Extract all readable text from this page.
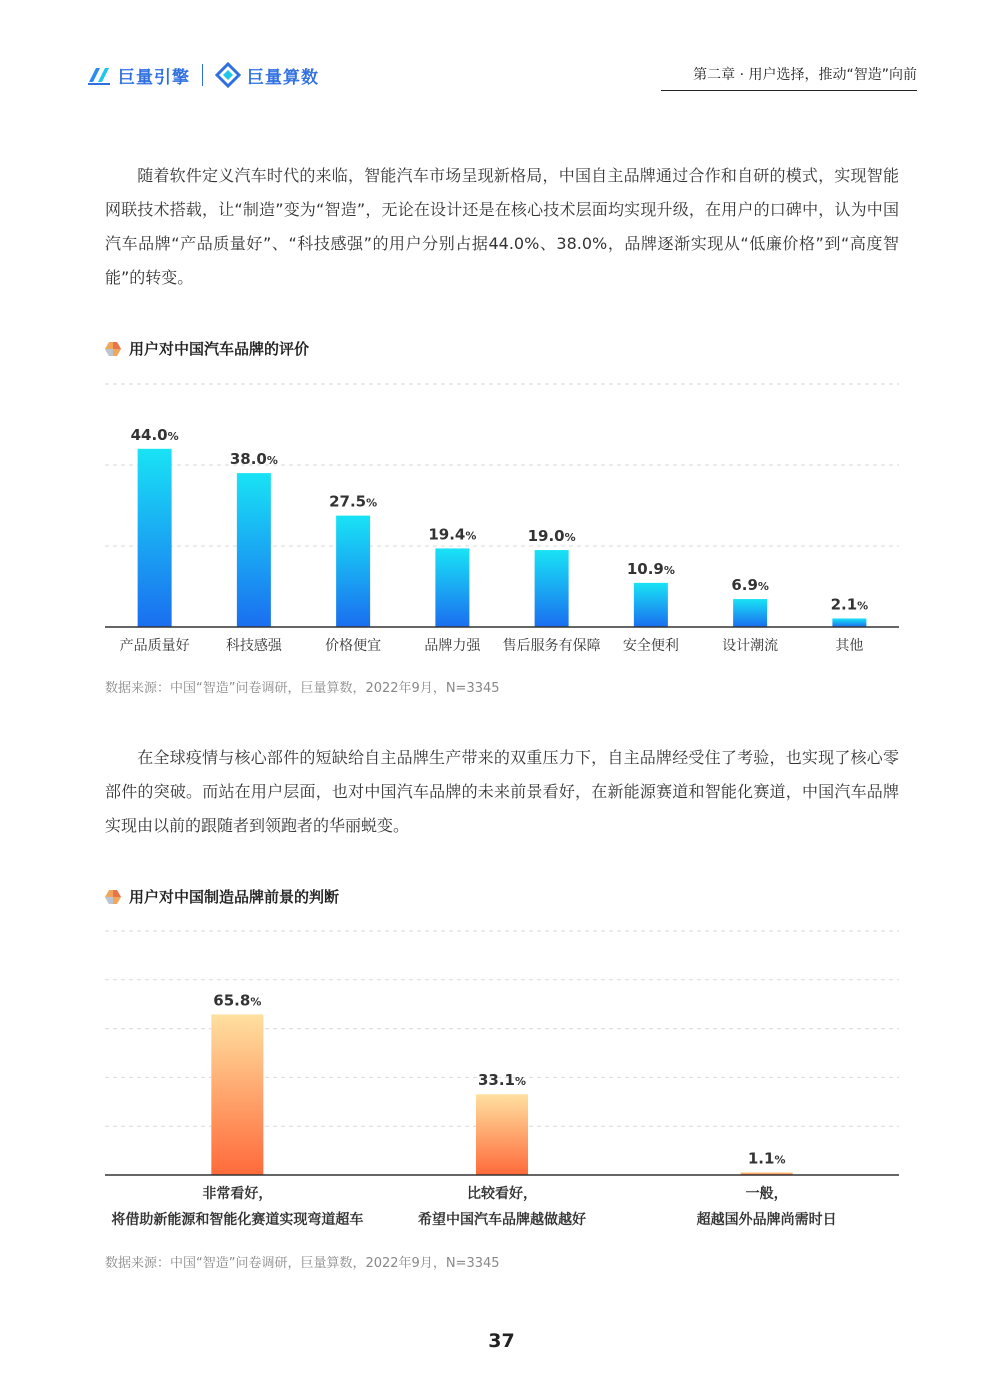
巨量引擎	巨量算数	第二章 · 用户选择，推动“智造”向前
随着软件定义汽车时代的来临，智能汽车市场呈现新格局，中国自主品牌通过合作和自研的模式，实现智能网联技术搭载，让“制造”变为“智造”，无论在设计还是在核心技术层面均实现升级，在用户的口碑中，认为中国汽车品牌“产品质量好”、“科技感强”的用户分别占据44.0%、38.0%，品牌逐渐实现从“低廉价格”到“高度智能”的转变。
用户对中国汽车品牌的评价
44.0%
产品质量好
38.0%
科技感强
27.5%
价格便宜
19.4%
品牌力强
19.0%
售后服务有保障
10.9%
安全便利
6.9%
设计潮流
2.1%
其他
数据来源：中国“智造”问卷调研，巨量算数，2022年9月，N=3345
在全球疫情与核心部件的短缺给自主品牌生产带来的双重压力下，自主品牌经受住了考验，也实现了核心零部件的突破。而站在用户层面，也对中国汽车品牌的未来前景看好，在新能源赛道和智能化赛道，中国汽车品牌实现由以前的跟随者到领跑者的华丽蜕变。
用户对中国制造品牌前景的判断
65.8%
非常看好，
将借助新能源和智能化赛道实现弯道超车
33.1%
比较看好，
希望中国汽车品牌越做越好
1.1%
一般，
超越国外品牌尚需时日
数据来源：中国“智造”问卷调研，巨量算数，2022年9月，N=3345
37
